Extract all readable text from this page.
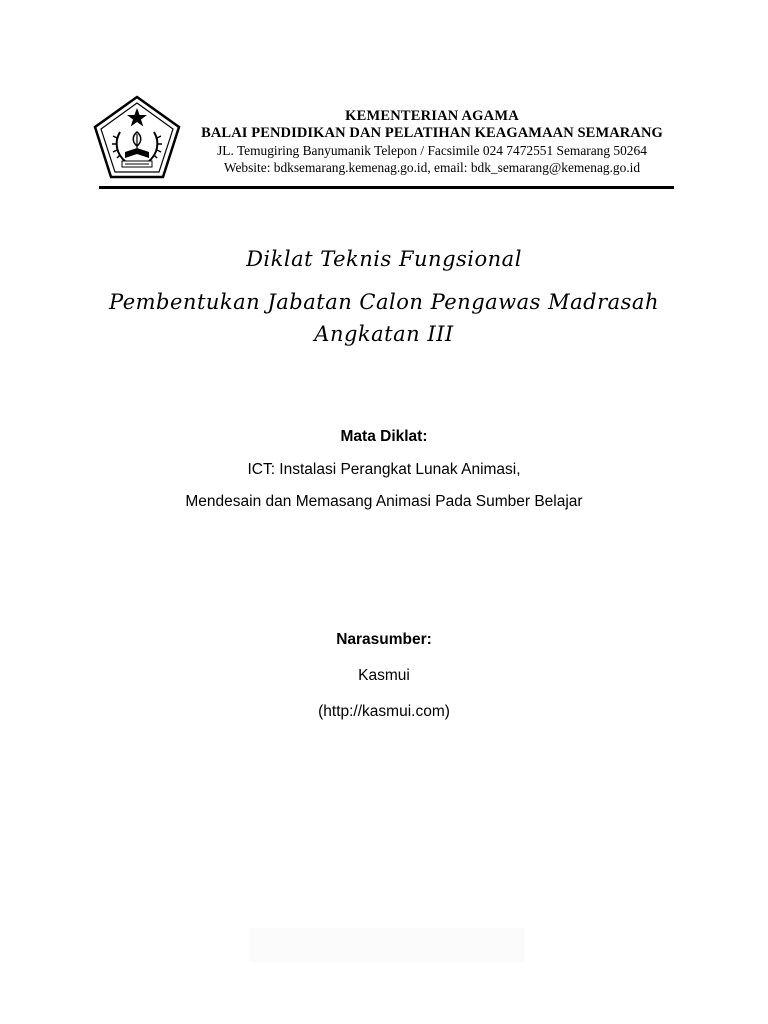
KEMENTERIAN AGAMA
BALAI PENDIDIKAN DAN PELATIHAN KEAGAMAAN SEMARANG
JL. Temugiring Banyumanik Telepon / Facsimile 024 7472551 Semarang 50264
Website: bdksemarang.kemenag.go.id, email: bdk_semarang@kemenag.go.id
Diklat Teknis Fungsional
Pembentukan Jabatan Calon Pengawas Madrasah
Angkatan III
Mata Diklat:
ICT: Instalasi Perangkat Lunak Animasi,
Mendesain dan Memasang Animasi Pada Sumber Belajar
Narasumber:
Kasmui
(http://kasmui.com)
